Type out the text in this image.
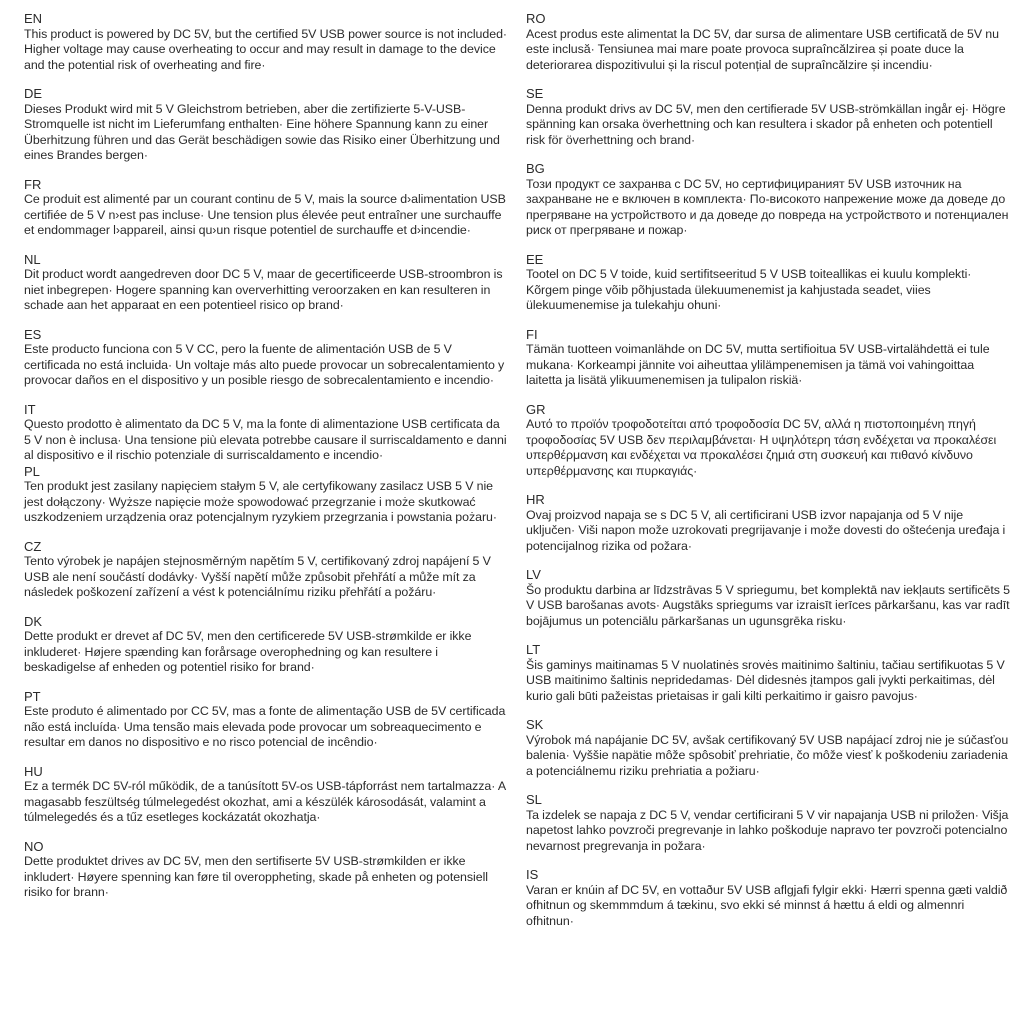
EN

This product is powered by DC 5V, but the certified 5V USB power source is not included· Higher voltage may cause overheating to occur and may result in damage to the device and the potential risk of overheating and fire·

DE

Dieses Produkt wird mit 5 V Gleichstrom betrieben, aber die zertifizierte 5-V-USB-Stromquelle ist nicht im Lieferumfang enthalten· Eine höhere Spannung kann zu einer Überhitzung führen und das Gerät beschädigen sowie das Risiko einer Überhitzung und eines Brandes bergen·

FR

Ce produit est alimenté par un courant continu de 5 V, mais la source d›alimentation USB certifiée de 5 V n›est pas incluse· Une tension plus élevée peut entraîner une surchauffe et endommager l›appareil, ainsi qu›un risque potentiel de surchauffe et d›incendie·

NL

Dit product wordt aangedreven door DC 5 V, maar de gecertificeerde USB-stroombron is niet inbegrepen· Hogere spanning kan oververhitting veroorzaken en kan resulteren in schade aan het apparaat en een potentieel risico op brand·

ES

Este producto funciona con 5 V CC, pero la fuente de alimentación USB de 5 V certificada no está incluida· Un voltaje más alto puede provocar un sobrecalentamiento y provocar daños en el dispositivo y un posible riesgo de sobrecalentamiento e incendio·

IT

Questo prodotto è alimentato da DC 5 V, ma la fonte di alimentazione USB certificata da 5 V non è inclusa· Una tensione più elevata potrebbe causare il surriscaldamento e danni al dispositivo e il rischio potenziale di surriscaldamento e incendio·

PL

Ten produkt jest zasilany napięciem stałym 5 V, ale certyfikowany zasilacz USB 5 V nie jest dołączony· Wyższe napięcie może spowodować przegrzanie i może skutkować uszkodzeniem urządzenia oraz potencjalnym ryzykiem przegrzania i powstania pożaru·

CZ

Tento výrobek je napájen stejnosměrným napětím 5 V, certifikovaný zdroj napájení 5 V USB ale není součástí dodávky· Vyšší napětí může způsobit přehřátí a může mít za následek poškození zařízení a vést k potenciálnímu riziku přehřátí a požáru·

DK

Dette produkt er drevet af DC 5V, men den certificerede 5V USB-strømkilde er ikke inkluderet· Højere spænding kan forårsage overophedning og kan resultere i beskadigelse af enheden og potentiel risiko for brand·

PT

Este produto é alimentado por CC 5V, mas a fonte de alimentação USB de 5V certificada não está incluída· Uma tensão mais elevada pode provocar um sobreaquecimento e resultar em danos no dispositivo e no risco potencial de incêndio·

HU

Ez a termék DC 5V-ról működik, de a tanúsított 5V-os USB-tápforrást nem tartalmazza· A magasabb feszültség túlmelegedést okozhat, ami a készülék károsodását, valamint a túlmelegedés és a tűz esetleges kockázatát okozhatja·

NO

Dette produktet drives av DC 5V, men den sertifiserte 5V USB-strømkilden er ikke inkludert· Høyere spenning kan føre til overoppheting, skade på enheten og potensiell risiko for brann·

RO

Acest produs este alimentat la DC 5V, dar sursa de alimentare USB certificată de 5V nu este inclusă· Tensiunea mai mare poate provoca supraîncălzirea și poate duce la deteriorarea dispozitivului și la riscul potențial de supraîncălzire și incendiu·

SE

Denna produkt drivs av DC 5V, men den certifierade 5V USB-strömkällan ingår ej· Högre spänning kan orsaka överhettning och kan resultera i skador på enheten och potentiell risk för överhettning och brand·

BG

Този продукт се захранва с DC 5V, но сертифицираният 5V USB източник на захранване не е включен в комплекта· По-високото напрежение може да доведе до прегряване на устройството и да доведе до повреда на устройството и потенциален риск от прегряване и пожар·

EE

Tootel on DC 5 V toide, kuid sertifitseeritud 5 V USB toiteallikas ei kuulu komplekti· Kõrgem pinge võib põhjustada ülekuumenemist ja kahjustada seadet, viies ülekuumenemise ja tulekahju ohuni·

FI

Tämän tuotteen voimanlähde on DC 5V, mutta sertifioitua 5V USB-virtalähdettä ei tule mukana· Korkeampi jännite voi aiheuttaa ylilämpenemisen ja tämä voi vahingoittaa laitetta ja lisätä ylikuumenemisen ja tulipalon riskiä·

GR

Αυτό το προϊόν τροφοδοτείται από τροφοδοσία DC 5V, αλλά η πιστοποιημένη πηγή τροφοδοσίας 5V USB δεν περιλαμβάνεται· Η υψηλότερη τάση ενδέχεται να προκαλέσει υπερθέρμανση και ενδέχεται να προκαλέσει ζημιά στη συσκευή και πιθανό κίνδυνο υπερθέρμανσης και πυρκαγιάς·

HR

Ovaj proizvod napaja se s DC 5 V, ali certificirani USB izvor napajanja od 5 V nije uključen· Viši napon može uzrokovati pregrijavanje i može dovesti do oštećenja uređaja i potencijalnog rizika od požara·

LV

Šo produktu darbina ar līdzstrāvas 5 V spriegumu, bet komplektā nav iekļauts sertificēts 5 V USB barošanas avots· Augstāks spriegums var izraisīt ierīces pārkaršanu, kas var radīt bojājumus un potenciālu pārkaršanas un ugunsgrēka risku·

LT

Šis gaminys maitinamas 5 V nuolatinės srovės maitinimo šaltiniu, tačiau sertifikuotas 5 V USB maitinimo šaltinis nepridedamas· Dėl didesnės įtampos gali įvykti perkaitimas, dėl kurio gali būti pažeistas prietaisas ir gali kilti perkaitimo ir gaisro pavojus·

SK

Výrobok má napájanie DC 5V, avšak certifikovaný 5V USB napájací zdroj nie je súčasťou balenia· Vyššie napätie môže spôsobiť prehriatie, čo môže viesť k poškodeniu zariadenia a potenciálnemu riziku prehriatia a požiaru·

SL

Ta izdelek se napaja z DC 5 V, vendar certificirani 5 V vir napajanja USB ni priložen· Višja napetost lahko povzroči pregrevanje in lahko poškoduje napravo ter povzroči potencialno nevarnost pregrevanja in požara·

IS

Varan er knúin af DC 5V, en vottaður 5V USB aflgjafi fylgir ekki· Hærri spenna gæti valdið ofhitnun og skemmmdum á tækinu, svo ekki sé minnst á hættu á eldi og almennri ofhitnun·
